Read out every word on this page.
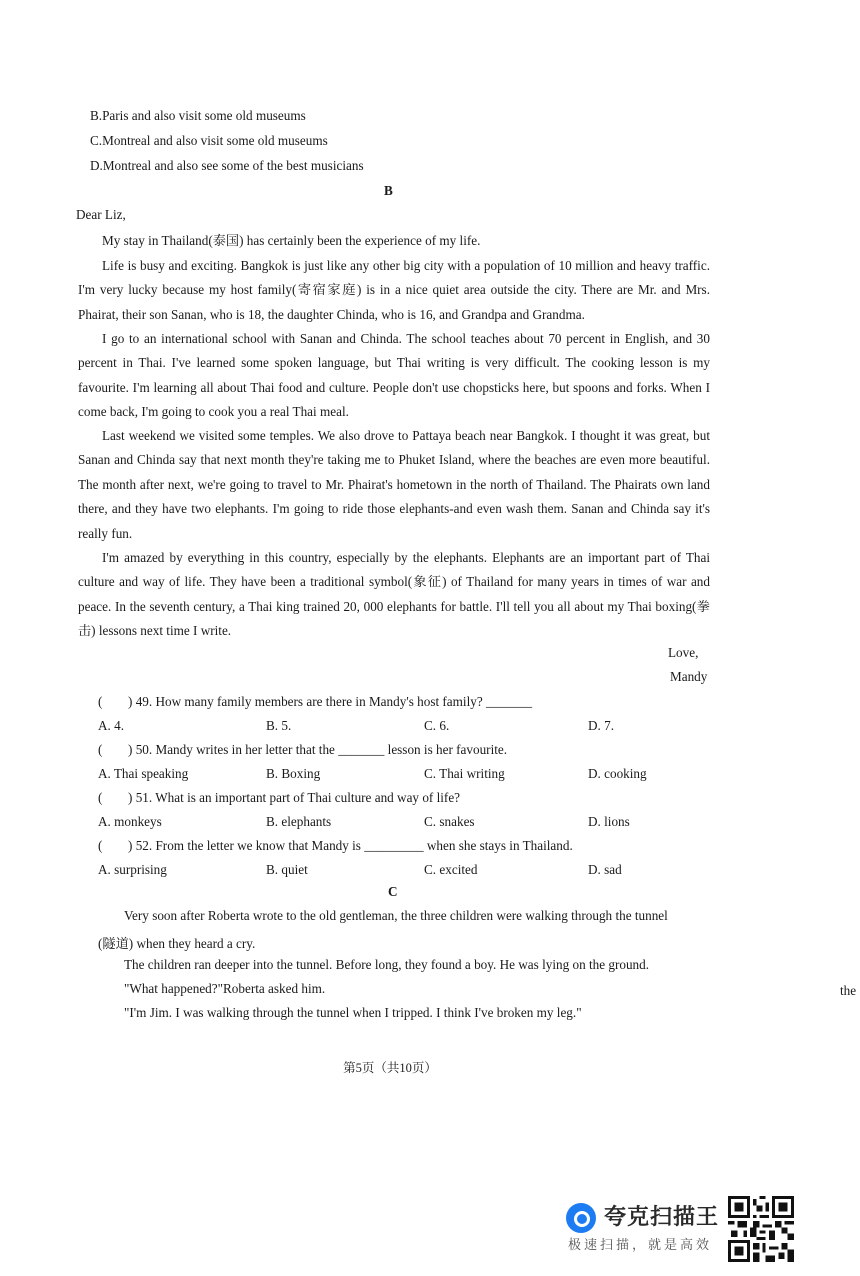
B.Paris and also visit some old museums
C.Montreal and also visit some old museums
D.Montreal and also see some of the best musicians
B
Dear Liz,
My stay in Thailand(泰国) has certainly been the experience of my life.
Life is busy and exciting. Bangkok is just like any other big city with a population of 10 million and heavy traffic. I'm very lucky because my host family(寄宿家庭) is in a nice quiet area outside the city. There are Mr. and Mrs. Phairat, their son Sanan, who is 18, the daughter Chinda, who is 16, and Grandpa and Grandma.
I go to an international school with Sanan and Chinda. The school teaches about 70 percent in English, and 30 percent in Thai. I've learned some spoken language, but Thai writing is very difficult. The cooking lesson is my favourite. I'm learning all about Thai food and culture. People don't use chopsticks here, but spoons and forks. When I come back, I'm going to cook you a real Thai meal.
Last weekend we visited some temples. We also drove to Pattaya beach near Bangkok. I thought it was great, but Sanan and Chinda say that next month they're taking me to Phuket Island, where the beaches are even more beautiful. The month after next, we're going to travel to Mr. Phairat's hometown in the north of Thailand. The Phairats own land there, and they have two elephants. I'm going to ride those elephants-and even wash them. Sanan and Chinda say it's really fun.
I'm amazed by everything in this country, especially by the elephants. Elephants are an important part of Thai culture and way of life. They have been a traditional symbol(象征) of Thailand for many years in times of war and peace. In the seventh century, a Thai king trained 20, 000 elephants for battle. I'll tell you all about my Thai boxing(拳击) lessons next time I write.
Love,
Mandy
( ) 49. How many family members are there in Mandy's host family? _______
A. 4.	B. 5.	C. 6.	D. 7.
( ) 50. Mandy writes in her letter that the _______ lesson is her favourite.
A. Thai speaking	B. Boxing	C. Thai writing	D. cooking
( ) 51. What is an important part of Thai culture and way of life?
A. monkeys	B. elephants	C. snakes	D. lions
( ) 52. From the letter we know that Mandy is _________ when she stays in Thailand.
A. surprising	B. quiet	C. excited	D. sad
C
Very soon after Roberta wrote to the old gentleman, the three children were walking through the tunnel
(隧道) when they heard a cry.
The children ran deeper into the tunnel. Before long, they found a boy. He was lying on the ground.
"What happened?"Roberta asked him.	the
"I'm Jim. I was walking through the tunnel when I tripped. I think I've broken my leg."
第5页（共10页）
夸克扫描王
极速扫描，就是高效
